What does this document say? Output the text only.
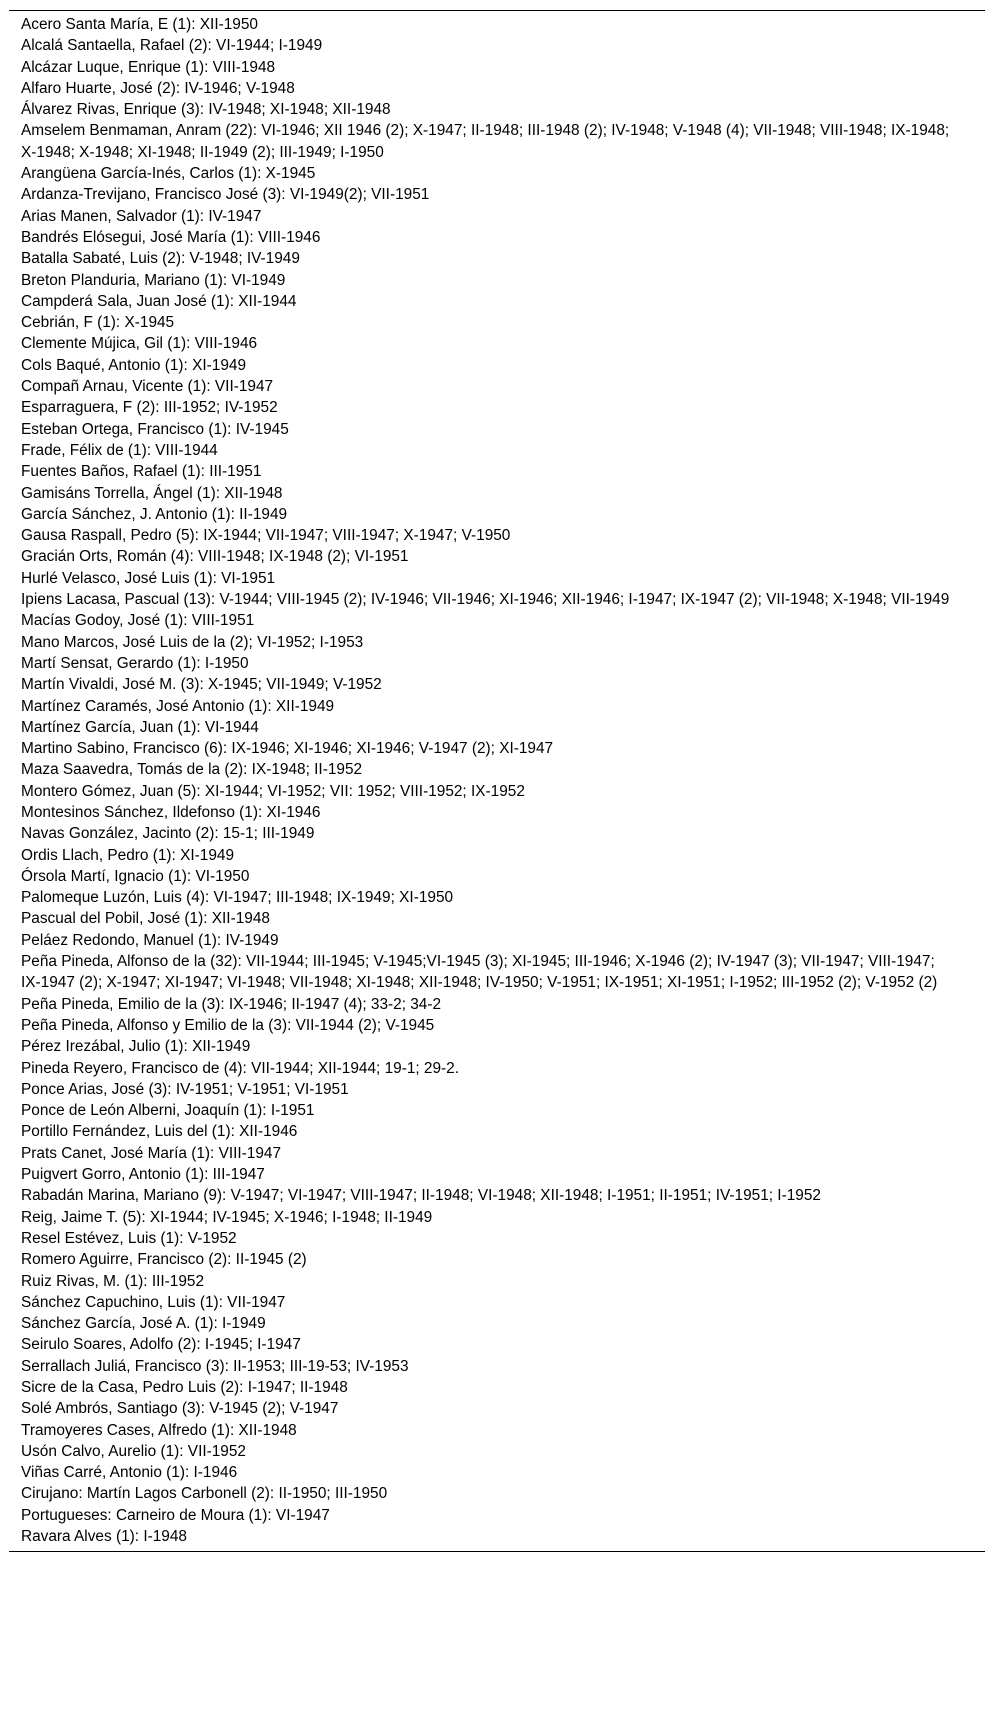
Acero Santa María, E (1): XII-1950
Alcalá Santaella, Rafael (2): VI-1944; I-1949
Alcázar Luque, Enrique (1): VIII-1948
Alfaro Huarte, José (2): IV-1946; V-1948
Álvarez Rivas, Enrique (3): IV-1948; XI-1948; XII-1948
Amselem Benmaman, Anram (22): VI-1946; XII 1946 (2); X-1947; II-1948; III-1948 (2); IV-1948; V-1948 (4); VII-1948; VIII-1948; IX-1948; X-1948; X-1948; XI-1948; II-1949 (2); III-1949; I-1950
Arangüena García-Inés, Carlos (1): X-1945
Ardanza-Trevijano, Francisco José (3): VI-1949(2); VII-1951
Arias Manen, Salvador (1): IV-1947
Bandrés Elósegui, José María (1): VIII-1946
Batalla Sabaté, Luis (2): V-1948; IV-1949
Breton Planduria, Mariano (1): VI-1949
Campderá Sala, Juan José (1): XII-1944
Cebrián, F (1): X-1945
Clemente Mújica, Gil (1): VIII-1946
Cols Baqué, Antonio (1): XI-1949
Compañ Arnau, Vicente (1): VII-1947
Esparraguera, F (2): III-1952; IV-1952
Esteban Ortega, Francisco (1): IV-1945
Frade, Félix de (1): VIII-1944
Fuentes Baños, Rafael (1): III-1951
Gamisáns Torrella, Ángel (1): XII-1948
García Sánchez, J. Antonio (1): II-1949
Gausa Raspall, Pedro (5): IX-1944; VII-1947; VIII-1947; X-1947; V-1950
Gracián Orts, Román (4): VIII-1948; IX-1948 (2); VI-1951
Hurlé Velasco, José Luis (1): VI-1951
Ipiens Lacasa, Pascual (13): V-1944; VIII-1945 (2); IV-1946; VII-1946; XI-1946; XII-1946; I-1947; IX-1947 (2); VII-1948; X-1948; VII-1949
Macías Godoy, José (1): VIII-1951
Mano Marcos, José Luis de la (2); VI-1952; I-1953
Martí Sensat, Gerardo (1): I-1950
Martín Vivaldi, José M. (3): X-1945; VII-1949; V-1952
Martínez Caramés, José Antonio (1): XII-1949
Martínez García, Juan (1): VI-1944
Martino Sabino, Francisco (6): IX-1946; XI-1946; XI-1946; V-1947 (2); XI-1947
Maza Saavedra, Tomás de la (2): IX-1948; II-1952
Montero Gómez, Juan (5): XI-1944; VI-1952; VII: 1952; VIII-1952; IX-1952
Montesinos Sánchez, Ildefonso (1): XI-1946
Navas González, Jacinto (2): 15-1; III-1949
Ordis Llach, Pedro (1): XI-1949
Órsola Martí, Ignacio (1): VI-1950
Palomeque Luzón, Luis (4): VI-1947; III-1948; IX-1949; XI-1950
Pascual del Pobil, José (1): XII-1948
Peláez Redondo, Manuel (1): IV-1949
Peña Pineda, Alfonso de la (32): VII-1944; III-1945; V-1945;VI-1945 (3); XI-1945; III-1946; X-1946 (2); IV-1947 (3); VII-1947; VIII-1947; IX-1947 (2); X-1947; XI-1947; VI-1948; VII-1948; XI-1948; XII-1948; IV-1950; V-1951; IX-1951; XI-1951; I-1952; III-1952 (2); V-1952 (2)
Peña Pineda, Emilio de la (3): IX-1946; II-1947 (4); 33-2; 34-2
Peña Pineda, Alfonso y Emilio de la (3): VII-1944 (2); V-1945
Pérez Irezábal, Julio (1): XII-1949
Pineda Reyero, Francisco de (4): VII-1944; XII-1944; 19-1; 29-2.
Ponce Arias, José (3): IV-1951; V-1951; VI-1951
Ponce de León Alberni, Joaquín (1): I-1951
Portillo Fernández, Luis del (1): XII-1946
Prats Canet, José María (1): VIII-1947
Puigvert Gorro, Antonio (1): III-1947
Rabadán Marina, Mariano (9): V-1947; VI-1947; VIII-1947; II-1948; VI-1948; XII-1948; I-1951; II-1951; IV-1951; I-1952
Reig, Jaime T. (5): XI-1944; IV-1945; X-1946; I-1948; II-1949
Resel Estévez, Luis (1): V-1952
Romero Aguirre, Francisco (2): II-1945 (2)
Ruiz Rivas, M. (1): III-1952
Sánchez Capuchino, Luis (1): VII-1947
Sánchez García, José A. (1): I-1949
Seirulo Soares, Adolfo (2): I-1945; I-1947
Serrallach Juliá, Francisco (3): II-1953; III-19-53; IV-1953
Sicre de la Casa, Pedro Luis (2): I-1947; II-1948
Solé Ambrós, Santiago (3): V-1945 (2); V-1947
Tramoyeres Cases, Alfredo (1): XII-1948
Usón Calvo, Aurelio (1): VII-1952
Viñas Carré, Antonio (1): I-1946
Cirujano: Martín Lagos Carbonell (2): II-1950; III-1950
Portugueses: Carneiro de Moura (1): VI-1947
Ravara Alves (1): I-1948
